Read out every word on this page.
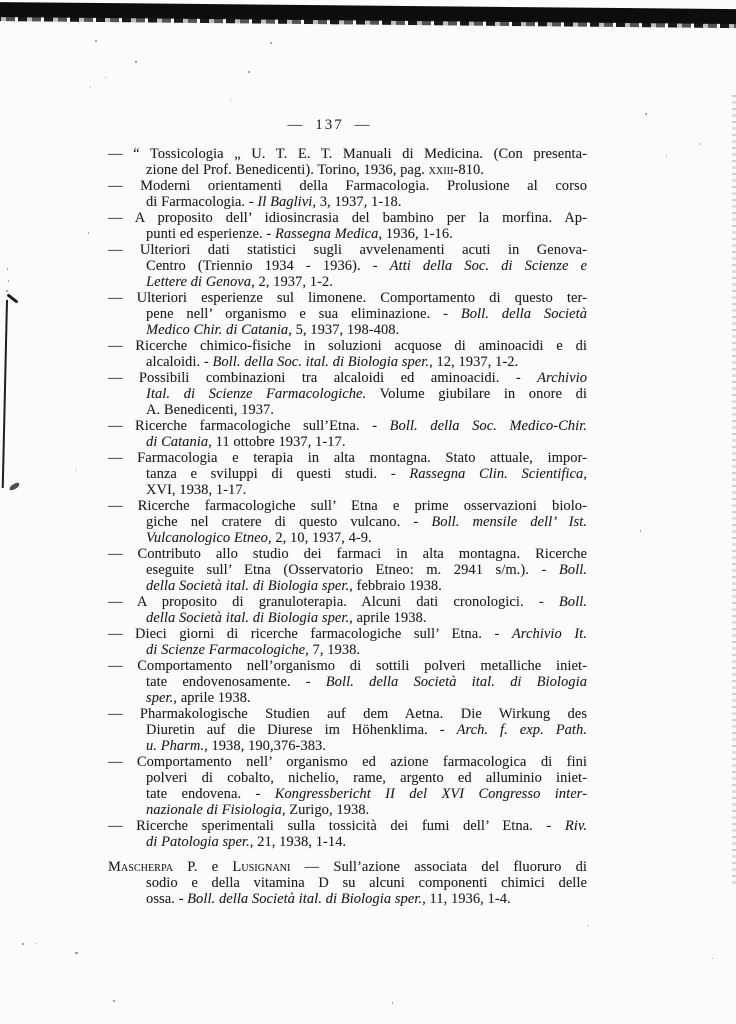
— 137 —
— “ Tossicologia „ U. T. E. T. Manuali di Medicina. (Con presenta-
zione del Prof. Benedicenti). Torino, 1936, pag. xxiii-810.
— Moderni orientamenti della Farmacologia. Prolusione al corso
di Farmacologia. - Il Baglivi, 3, 1937, 1-18.
— A proposito dell’ idiosincrasia del bambino per la morfina. Ap-
punti ed esperienze. - Rassegna Medica, 1936, 1-16.
— Ulteriori dati statistici sugli avvelenamenti acuti in Genova-
Centro (Triennio 1934 - 1936). - Atti della Soc. di Scienze e
Lettere di Genova, 2, 1937, 1-2.
— Ulteriori esperienze sul limonene. Comportamento di questo ter-
pene nell’ organismo e sua eliminazione. - Boll. della Società
Medico Chir. di Catania, 5, 1937, 198-408.
— Ricerche chimico-fisiche in soluzioni acquose di aminoacidi e di
alcaloidi. - Boll. della Soc. ital. di Biologia sper., 12, 1937, 1-2.
— Possibili combinazioni tra alcaloidi ed aminoacidi. - Archivio
Ital. di Scienze Farmacologiche. Volume giubilare in onore di
A. Benedicenti, 1937.
— Ricerche farmacologiche sull’Etna. - Boll. della Soc. Medico-Chir.
di Catania, 11 ottobre 1937, 1-17.
— Farmacologia e terapia in alta montagna. Stato attuale, impor-
tanza e sviluppi di questi studi. - Rassegna Clin. Scientifica,
XVI, 1938, 1-17.
— Ricerche farmacologiche sull’ Etna e prime osservazioni biolo-
giche nel cratere di questo vulcano. - Boll. mensile dell’ Ist.
Vulcanologico Etneo, 2, 10, 1937, 4-9.
— Contributo allo studio dei farmaci in alta montagna. Ricerche
eseguite sull’ Etna (Osservatorio Etneo: m. 2941 s/m.). - Boll.
della Società ital. di Biologia sper., febbraio 1938.
— A proposito di granuloterapia. Alcuni dati cronologici. - Boll.
della Società ital. di Biologia sper., aprile 1938.
— Dieci giorni di ricerche farmacologiche sull’ Etna. - Archivio It.
di Scienze Farmacologiche, 7, 1938.
— Comportamento nell’organismo di sottili polveri metalliche iniet-
tate endovenosamente. - Boll. della Società ital. di Biologia
sper., aprile 1938.
— Pharmakologische Studien auf dem Aetna. Die Wirkung des
Diuretin auf die Diurese im Höhenklima. - Arch. f. exp. Path.
u. Pharm., 1938, 190,376-383.
— Comportamento nell’ organismo ed azione farmacologica di fini
polveri di cobalto, nichelio, rame, argento ed alluminio iniet-
tate endovena. - Kongressbericht II del XVI Congresso inter-
nazionale di Fisiologia, Zurigo, 1938.
— Ricerche sperimentali sulla tossicità dei fumi dell’ Etna. - Riv.
di Patologia sper., 21, 1938, 1-14.
Mascherpa P. e Lusignani — Sull’azione associata del fluoruro di
sodio e della vitamina D su alcuni componenti chimici delle
ossa. - Boll. della Società ital. di Biologia sper., 11, 1936, 1-4.
